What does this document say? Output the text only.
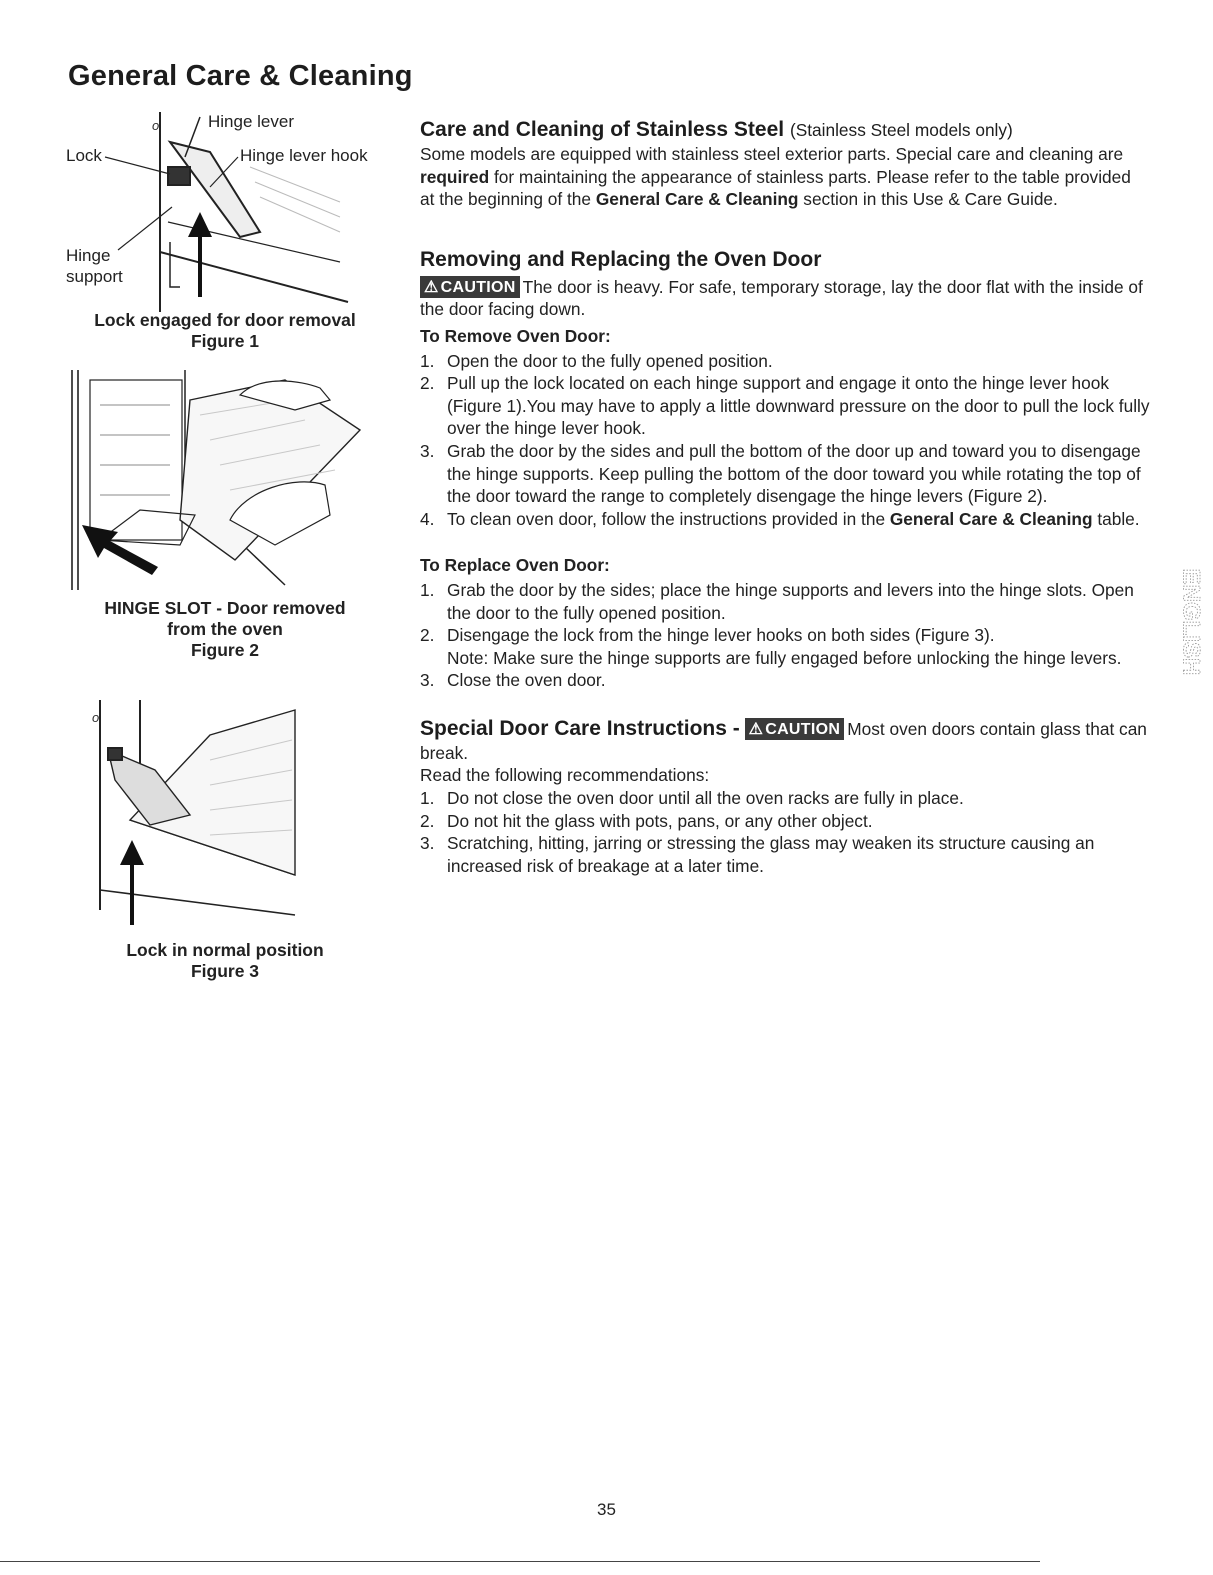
General Care & Cleaning
o	Hinge lever
Hinge lever hook
Lock
Hinge
support
Lock engaged for door removal
Figure 1
HINGE SLOT - Door removed
from the oven
Figure 2
o
Lock in normal position
Figure 3
Care and Cleaning of Stainless Steel (Stainless Steel models only)

Some models are equipped with stainless steel exterior parts. Special care and cleaning are required for maintaining the appearance of stainless parts. Please refer to the table provided at the beginning of the General Care & Cleaning section in this Use & Care Guide.

Removing and Replacing the Oven Door

⚠ CAUTION The door is heavy. For safe, temporary storage, lay the door flat with the inside of the door facing down.

To Remove Oven Door:

1. Open the door to the fully opened position.
2. Pull up the lock located on each hinge support and engage it onto the hinge lever hook (Figure 1).You may have to apply a little downward pressure on the door to pull the lock fully over the hinge lever hook.
3. Grab the door by the sides and pull the bottom of the door up and toward you to disengage the hinge supports. Keep pulling the bottom of the door toward you while rotating the top of the door toward the range to completely disengage the hinge levers (Figure 2).
4. To clean oven door, follow the instructions provided in the General Care & Cleaning table.

To Replace Oven Door:

1. Grab the door by the sides; place the hinge supports and levers into the hinge slots. Open the door to the fully opened position.
2. Disengage the lock from the hinge lever hooks on both sides (Figure 3).
Note: Make sure the hinge supports are fully engaged before unlocking the hinge levers.
3. Close the oven door.

Special Door Care Instructions - ⚠ CAUTION Most oven doors contain glass that can break.

Read the following recommendations:

1. Do not close the oven door until all the oven racks are fully in place.
2. Do not hit the glass with pots, pans, or any other object.
3. Scratching, hitting, jarring or stressing the glass may weaken its structure causing an increased risk of breakage at a later time.
ENGLISH
35
